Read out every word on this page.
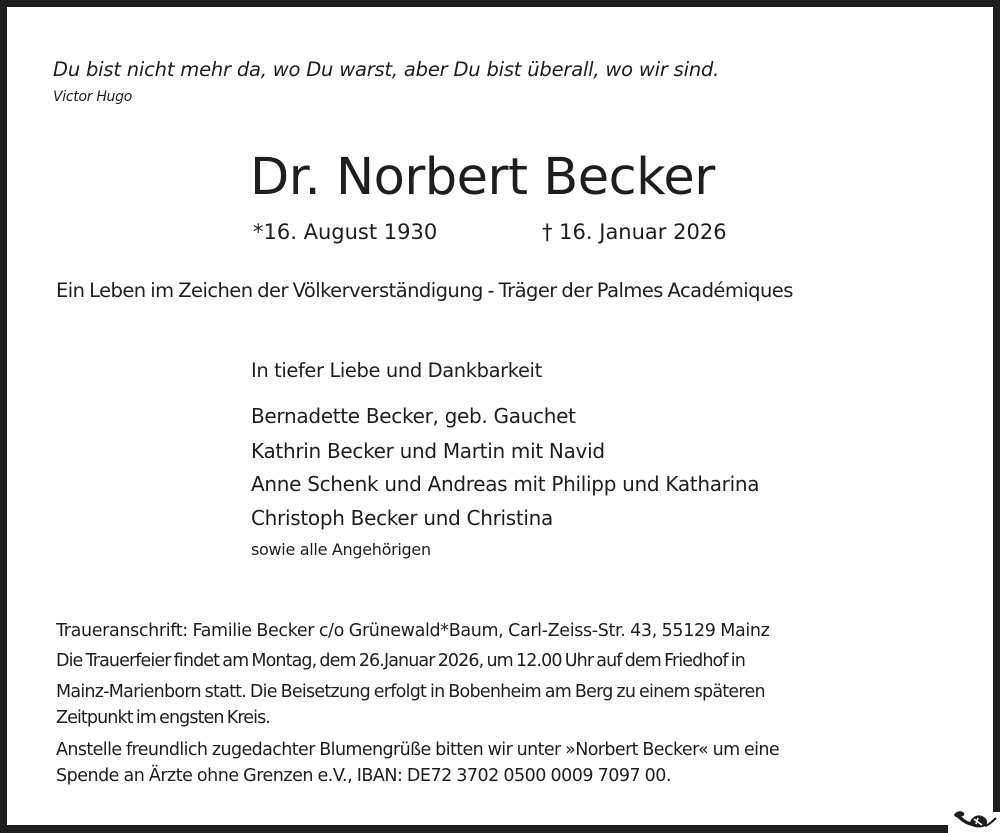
Du bist nicht mehr da, wo Du warst, aber Du bist überall, wo wir sind.

Victor Hugo

Dr. Norbert Becker

*16. August 1930	† 16. Januar 2026

Ein Leben im Zeichen der Völkerverständigung - Träger der Palmes Académiques

In tiefer Liebe und Dankbarkeit

Bernadette Becker, geb. Gauchet

Kathrin Becker und Martin mit Navid

Anne Schenk und Andreas mit Philipp und Katharina

Christoph Becker und Christina

sowie alle Angehörigen

Traueranschrift: Familie Becker c/o Grünewald*Baum, Carl-Zeiss-Str. 43, 55129 Mainz

Die Trauerfeier findet am Montag, dem 26.Januar 2026, um 12.00 Uhr auf dem Friedhof in

Mainz-Marienborn statt. Die Beisetzung erfolgt in Bobenheim am Berg zu einem späteren

Zeitpunkt im engsten Kreis.

Anstelle freundlich zugedachter Blumengrüße bitten wir unter »Norbert Becker« um eine

Spende an Ärzte ohne Grenzen e.V., IBAN: DE72 3702 0500 0009 7097 00.
